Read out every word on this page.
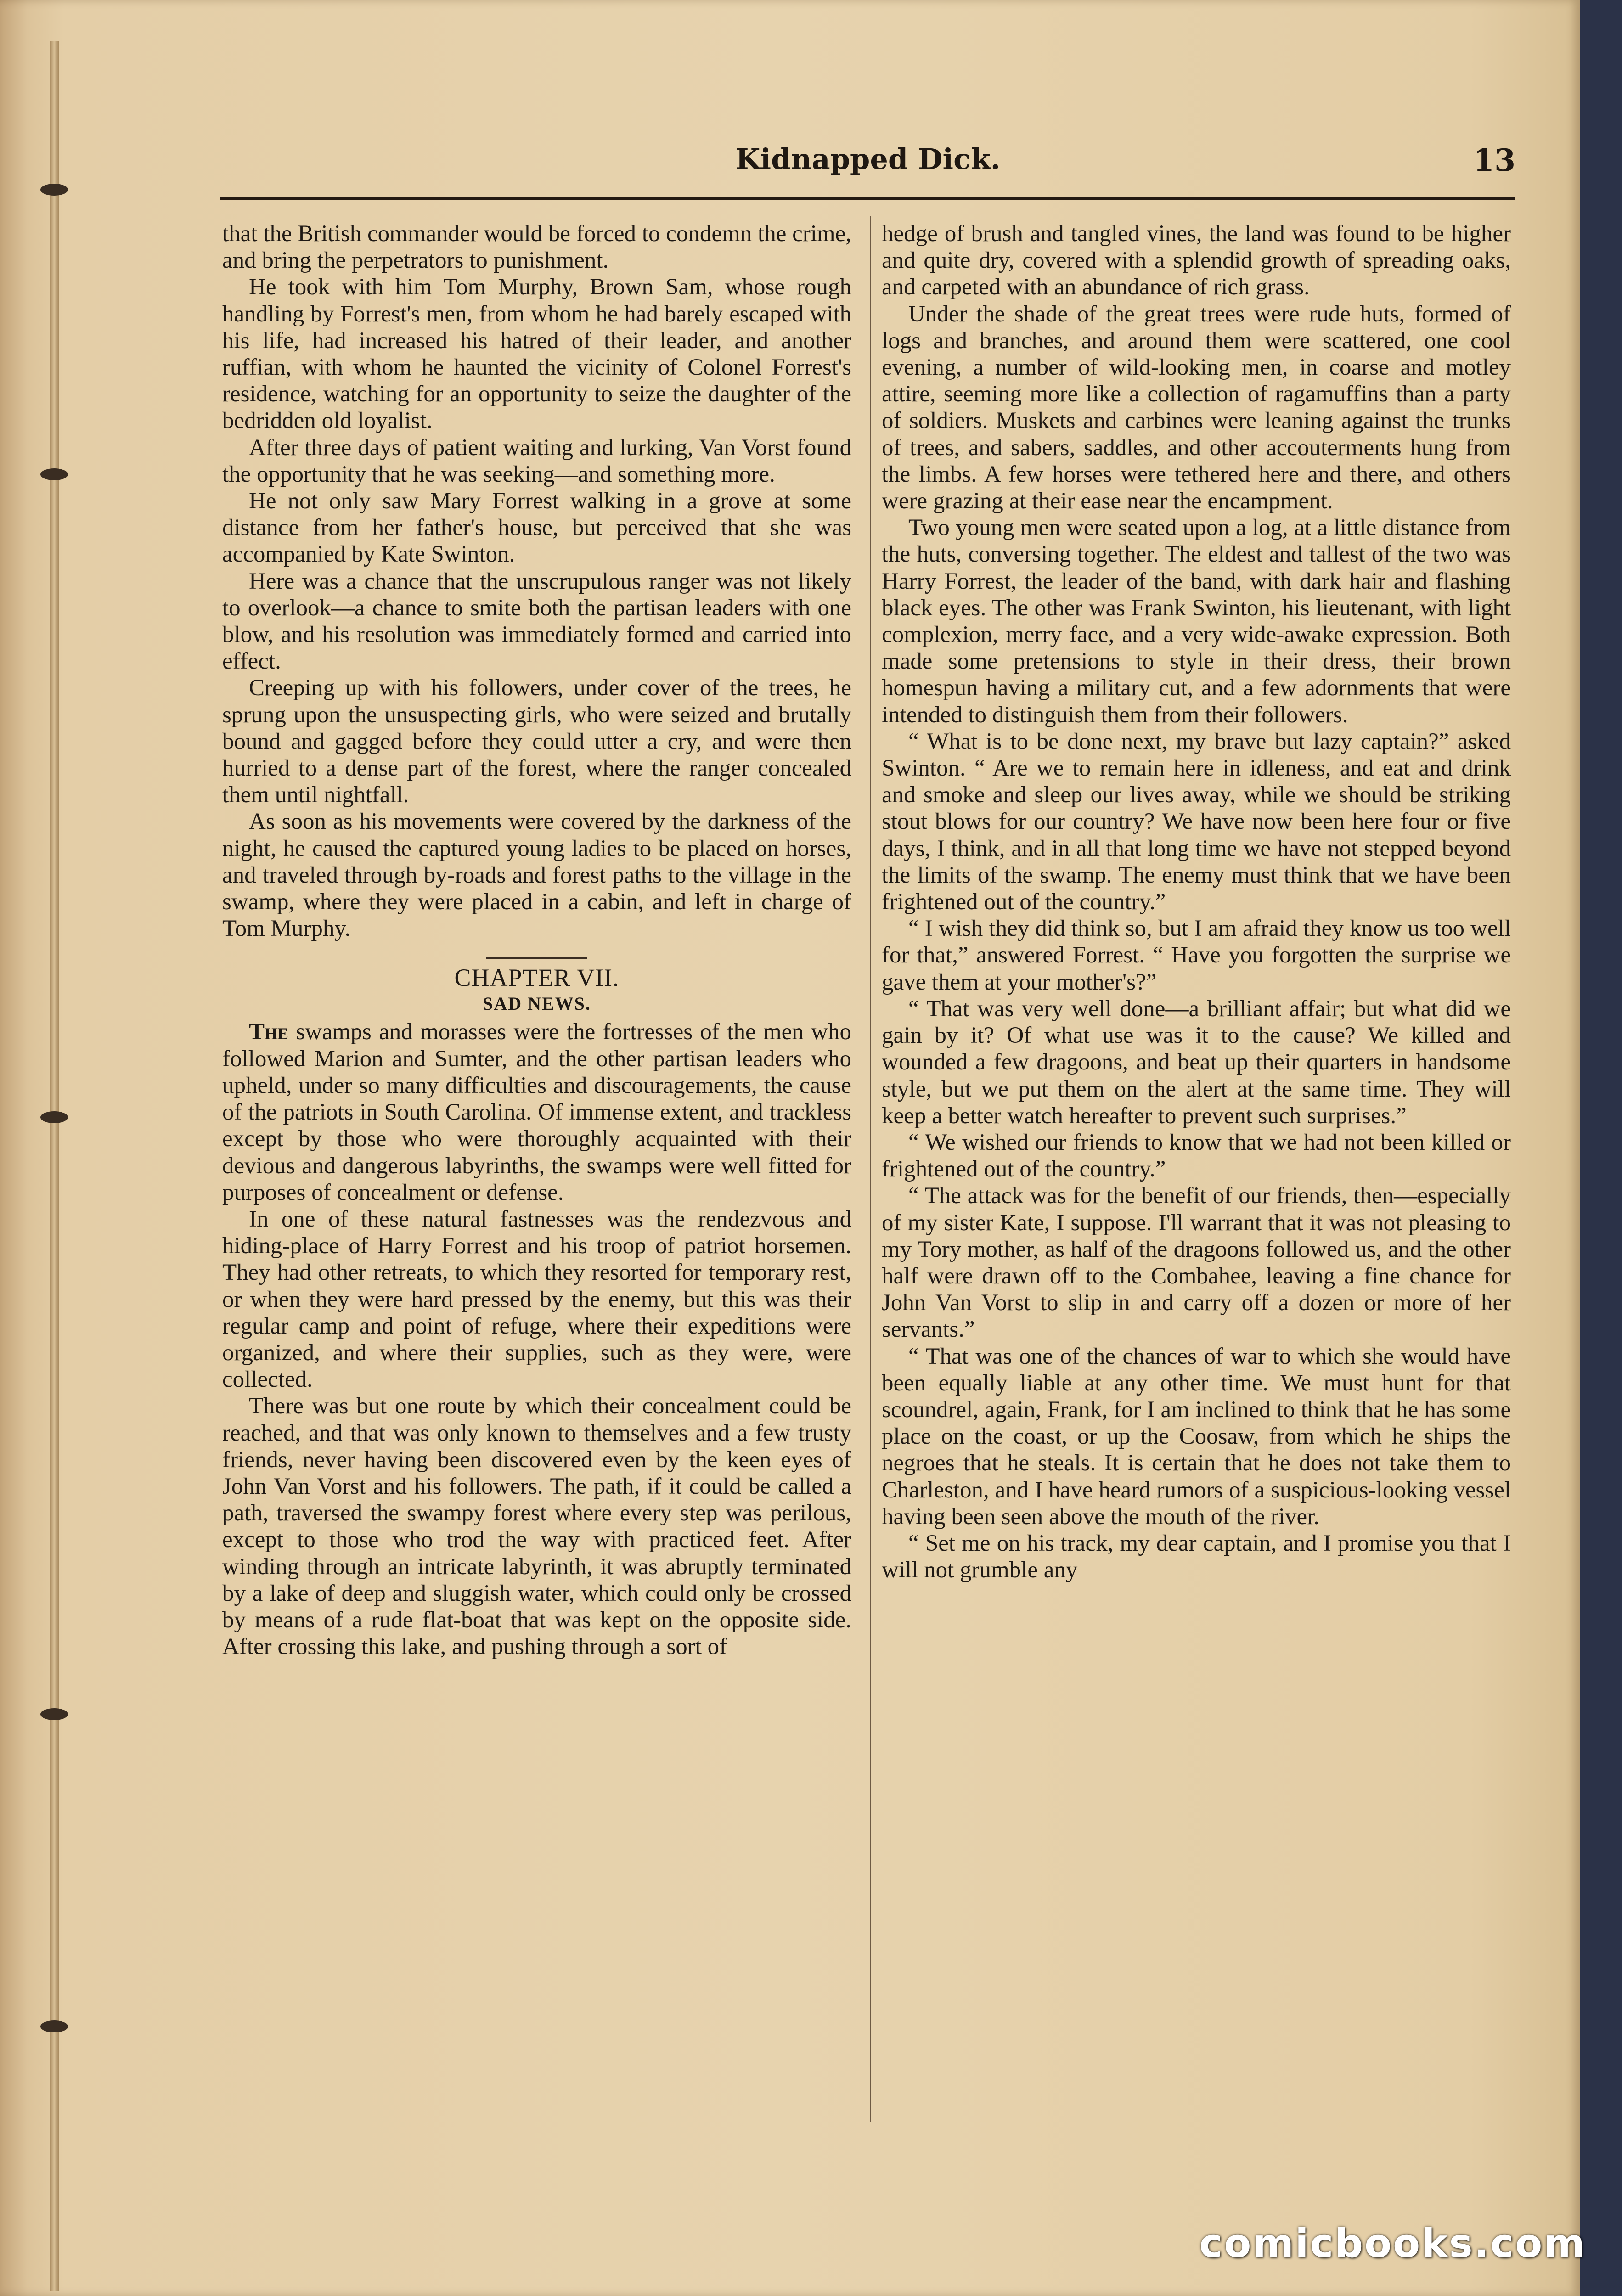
Kidnapped Dick.	13

that the British commander would be forced to condemn the crime, and bring the perpetrators to punishment.

He took with him Tom Murphy, Brown Sam, whose rough handling by Forrest's men, from whom he had barely escaped with his life, had increased his hatred of their leader, and another ruffian, with whom he haunted the vicinity of Colonel Forrest's residence, watching for an opportunity to seize the daughter of the bedridden old loyalist.

After three days of patient waiting and lurking, Van Vorst found the opportunity that he was seeking—and something more.

He not only saw Mary Forrest walking in a grove at some distance from her father's house, but perceived that she was accompanied by Kate Swinton.

Here was a chance that the unscrupulous ranger was not likely to overlook—a chance to smite both the partisan leaders with one blow, and his resolution was immediately formed and carried into effect.

Creeping up with his followers, under cover of the trees, he sprung upon the unsuspecting girls, who were seized and brutally bound and gagged before they could utter a cry, and were then hurried to a dense part of the forest, where the ranger concealed them until nightfall.

As soon as his movements were covered by the darkness of the night, he caused the captured young ladies to be placed on horses, and traveled through by-roads and forest paths to the village in the swamp, where they were placed in a cabin, and left in charge of Tom Murphy.

CHAPTER VII.
SAD NEWS.

The swamps and morasses were the fortresses of the men who followed Marion and Sumter, and the other partisan leaders who upheld, under so many difficulties and discouragements, the cause of the patriots in South Carolina. Of immense extent, and trackless except by those who were thoroughly acquainted with their devious and dangerous labyrinths, the swamps were well fitted for purposes of concealment or defense.

In one of these natural fastnesses was the rendezvous and hiding-place of Harry Forrest and his troop of patriot horsemen. They had other retreats, to which they resorted for temporary rest, or when they were hard pressed by the enemy, but this was their regular camp and point of refuge, where their expeditions were organized, and where their supplies, such as they were, were collected.

There was but one route by which their concealment could be reached, and that was only known to themselves and a few trusty friends, never having been discovered even by the keen eyes of John Van Vorst and his followers. The path, if it could be called a path, traversed the swampy forest where every step was perilous, except to those who trod the way with practiced feet. After winding through an intricate labyrinth, it was abruptly terminated by a lake of deep and sluggish water, which could only be crossed by means of a rude flat-boat that was kept on the opposite side. After crossing this lake, and pushing through a sort of

hedge of brush and tangled vines, the land was found to be higher and quite dry, covered with a splendid growth of spreading oaks, and carpeted with an abundance of rich grass.

Under the shade of the great trees were rude huts, formed of logs and branches, and around them were scattered, one cool evening, a number of wild-looking men, in coarse and motley attire, seeming more like a collection of ragamuffins than a party of soldiers. Muskets and carbines were leaning against the trunks of trees, and sabers, saddles, and other accouterments hung from the limbs. A few horses were tethered here and there, and others were grazing at their ease near the encampment.

Two young men were seated upon a log, at a little distance from the huts, conversing together. The eldest and tallest of the two was Harry Forrest, the leader of the band, with dark hair and flashing black eyes. The other was Frank Swinton, his lieutenant, with light complexion, merry face, and a very wide-awake expression. Both made some pretensions to style in their dress, their brown homespun having a military cut, and a few adornments that were intended to distinguish them from their followers.

“ What is to be done next, my brave but lazy captain?” asked Swinton. “ Are we to remain here in idleness, and eat and drink and smoke and sleep our lives away, while we should be striking stout blows for our country? We have now been here four or five days, I think, and in all that long time we have not stepped beyond the limits of the swamp. The enemy must think that we have been frightened out of the country.”

“ I wish they did think so, but I am afraid they know us too well for that,” answered Forrest. “ Have you forgotten the surprise we gave them at your mother's?”

“ That was very well done—a brilliant affair; but what did we gain by it? Of what use was it to the cause? We killed and wounded a few dragoons, and beat up their quarters in handsome style, but we put them on the alert at the same time. They will keep a better watch hereafter to prevent such surprises.”

“ We wished our friends to know that we had not been killed or frightened out of the country.”

“ The attack was for the benefit of our friends, then—especially of my sister Kate, I suppose. I'll warrant that it was not pleasing to my Tory mother, as half of the dragoons followed us, and the other half were drawn off to the Combahee, leaving a fine chance for John Van Vorst to slip in and carry off a dozen or more of her servants.”

“ That was one of the chances of war to which she would have been equally liable at any other time. We must hunt for that scoundrel, again, Frank, for I am inclined to think that he has some place on the coast, or up the Coosaw, from which he ships the negroes that he steals. It is certain that he does not take them to Charleston, and I have heard rumors of a suspicious-looking vessel having been seen above the mouth of the river.

“ Set me on his track, my dear captain, and I promise you that I will not grumble any

comicbooks.com
